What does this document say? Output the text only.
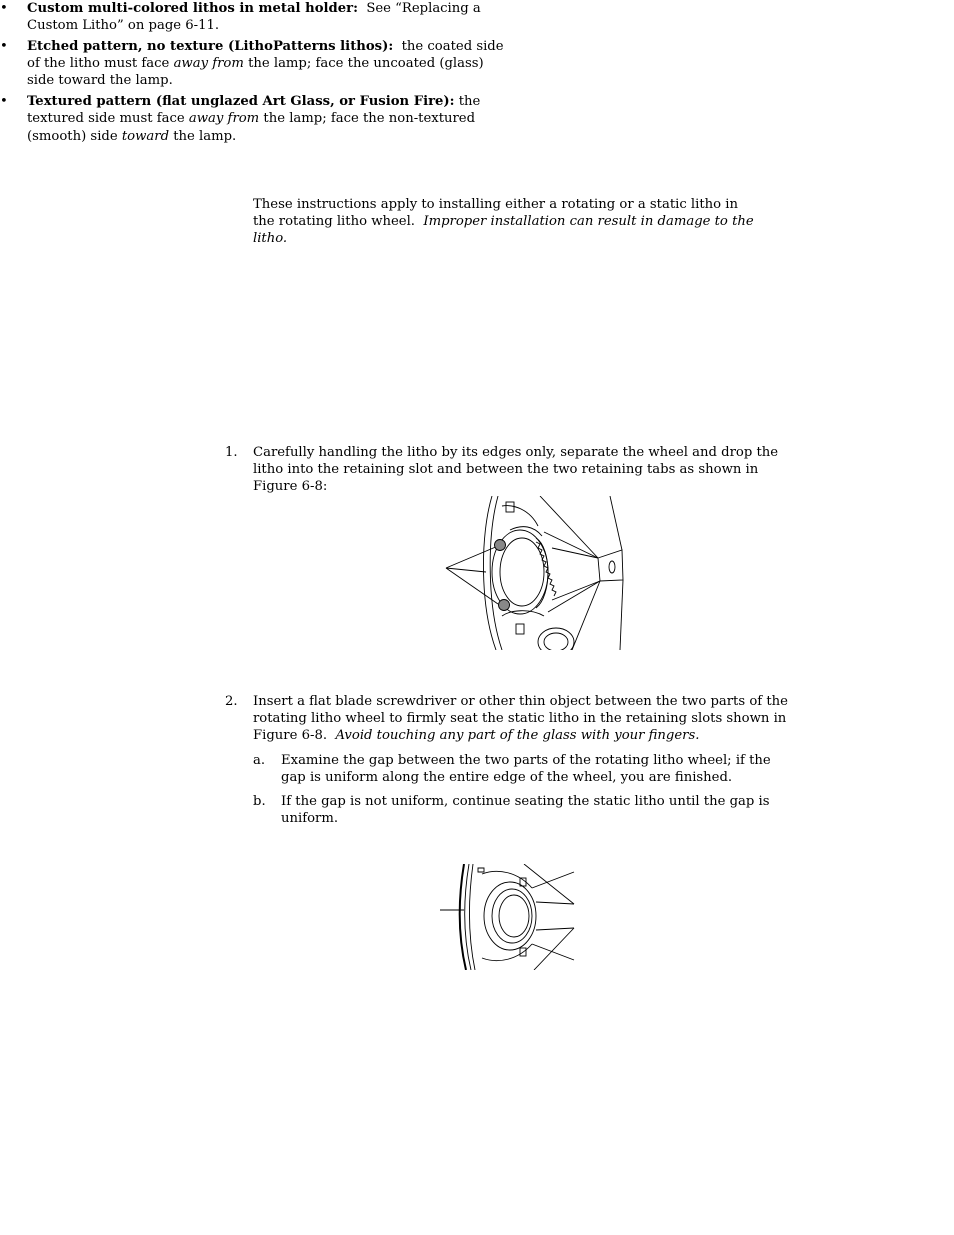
These instructions apply to installing either a rotating or a static litho in the rotating litho wheel. Improper installation can result in damage to the litho.

• Custom multi-colored lithos in metal holder: See “Replacing a Custom Litho” on page 6-11.
• Etched pattern, no texture (LithoPatterns lithos): the coated side of the litho must face away from the lamp; face the uncoated (glass) side toward the lamp.
• Textured pattern (flat unglazed Art Glass, or Fusion Fire): the textured side must face away from the lamp; face the non-textured (smooth) side toward the lamp.
1. Carefully handling the litho by its edges only, separate the wheel and drop the litho into the retaining slot and between the two retaining tabs as shown in Figure 6-8:

2. Insert a flat blade screwdriver or other thin object between the two parts of the rotating litho wheel to firmly seat the static litho in the retaining slots shown in Figure 6-8. Avoid touching any part of the glass with your fingers.

a. Examine the gap between the two parts of the rotating litho wheel; if the gap is uniform along the entire edge of the wheel, you are finished.

b. If the gap is not uniform, continue seating the static litho until the gap is uniform.
